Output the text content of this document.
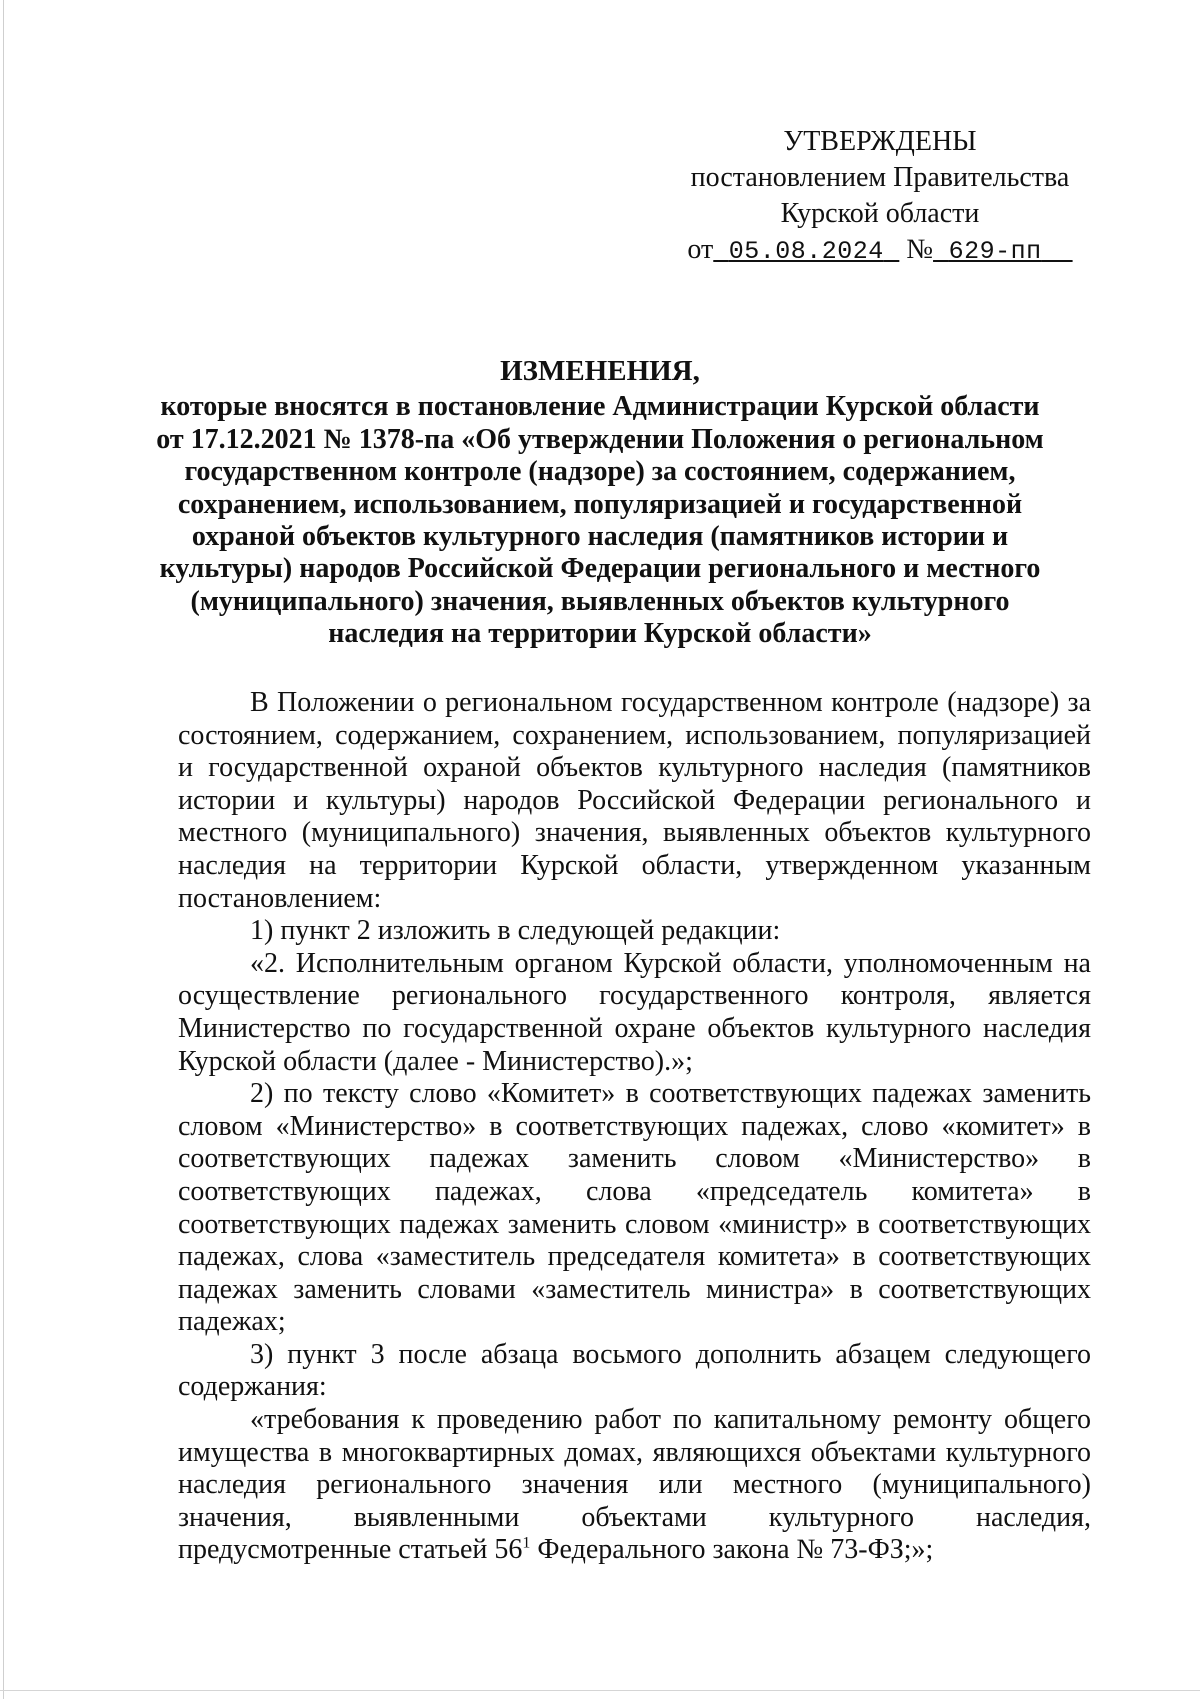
УТВЕРЖДЕНЫ
постановлением Правительства
Курской области
от 05.08.2024 № 629-пп
ИЗМЕНЕНИЯ,
которые вносятся в постановление Администрации Курской области
от 17.12.2021 № 1378-па «Об утверждении Положения о региональном
государственном контроле (надзоре) за состоянием, содержанием,
сохранением, использованием, популяризацией и государственной
охраной объектов культурного наследия (памятников истории и
культуры) народов Российской Федерации регионального и местного
(муниципального) значения, выявленных объектов культурного
наследия на территории Курской области»

В Положении о региональном государственном контроле (надзоре) за состоянием, содержанием, сохранением, использованием, популяризацией и государственной охраной объектов культурного наследия (памятников истории и культуры) народов Российской Федерации регионального и местного (муниципального) значения, выявленных объектов культурного наследия на территории Курской области, утвержденном указанным постановлением:

1) пункт 2 изложить в следующей редакции:

«2. Исполнительным органом Курской области, уполномоченным на осуществление регионального государственного контроля, является Министерство по государственной охране объектов культурного наследия Курской области (далее - Министерство).»;

2) по тексту слово «Комитет» в соответствующих падежах заменить словом «Министерство» в соответствующих падежах, слово «комитет» в соответствующих падежах заменить словом «Министерство» в соответствующих падежах, слова «председатель комитета» в соответствующих падежах заменить словом «министр» в соответствующих падежах, слова «заместитель председателя комитета» в соответствующих падежах заменить словами «заместитель министра» в соответствующих падежах;

3) пункт 3 после абзаца восьмого дополнить абзацем следующего содержания:

«требования к проведению работ по капитальному ремонту общего имущества в многоквартирных домах, являющихся объектами культурного наследия регионального значения или местного (муниципального) значения, выявленными объектами культурного наследия, предусмотренные статьей $56^1$ Федерального закона № 73-ФЗ;»;
